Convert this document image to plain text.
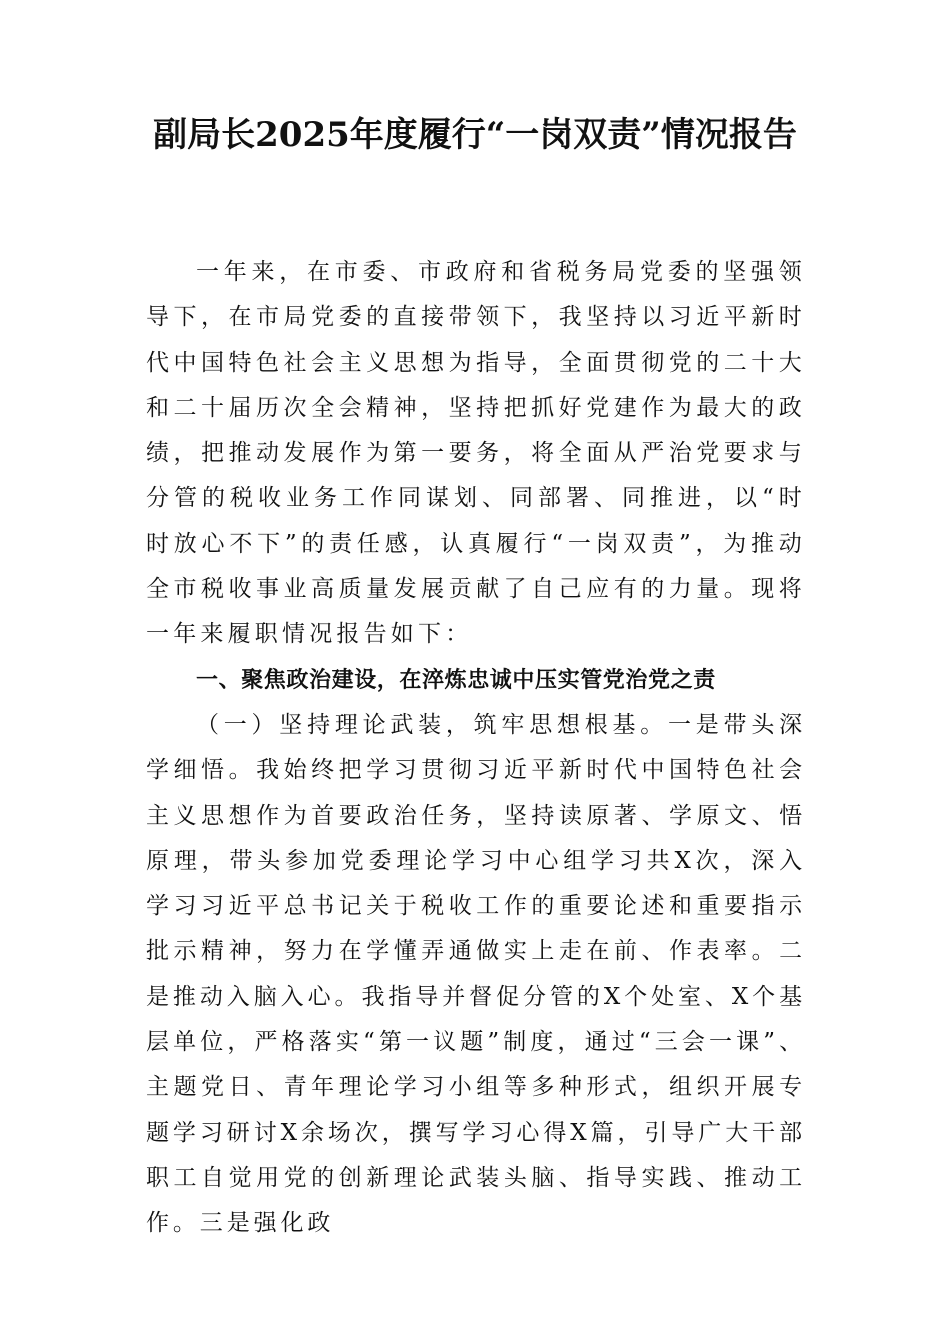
副局长2025年度履行“一岗双责”情况报告

一年来，在市委、市政府和省税务局党委的坚强领导下，在市局党委的直接带领下，我坚持以习近平新时代中国特色社会主义思想为指导，全面贯彻党的二十大和二十届历次全会精神，坚持把抓好党建作为最大的政绩，把推动发展作为第一要务，将全面从严治党要求与分管的税收业务工作同谋划、同部署、同推进，以“时时放心不下”的责任感，认真履行“一岗双责”，为推动全市税收事业高质量发展贡献了自己应有的力量。现将一年来履职情况报告如下：

一、聚焦政治建设，在淬炼忠诚中压实管党治党之责

（一）坚持理论武装，筑牢思想根基。一是带头深学细悟。我始终把学习贯彻习近平新时代中国特色社会主义思想作为首要政治任务，坚持读原著、学原文、悟原理，带头参加党委理论学习中心组学习共X次，深入学习习近平总书记关于税收工作的重要论述和重要指示批示精神，努力在学懂弄通做实上走在前、作表率。二是推动入脑入心。我指导并督促分管的X个处室、X个基层单位，严格落实“第一议题”制度，通过“三会一课”、主题党日、青年理论学习小组等多种形式，组织开展专题学习研讨X余场次，撰写学习心得X篇，引导广大干部职工自觉用党的创新理论武装头脑、指导实践、推动工作。三是强化政
